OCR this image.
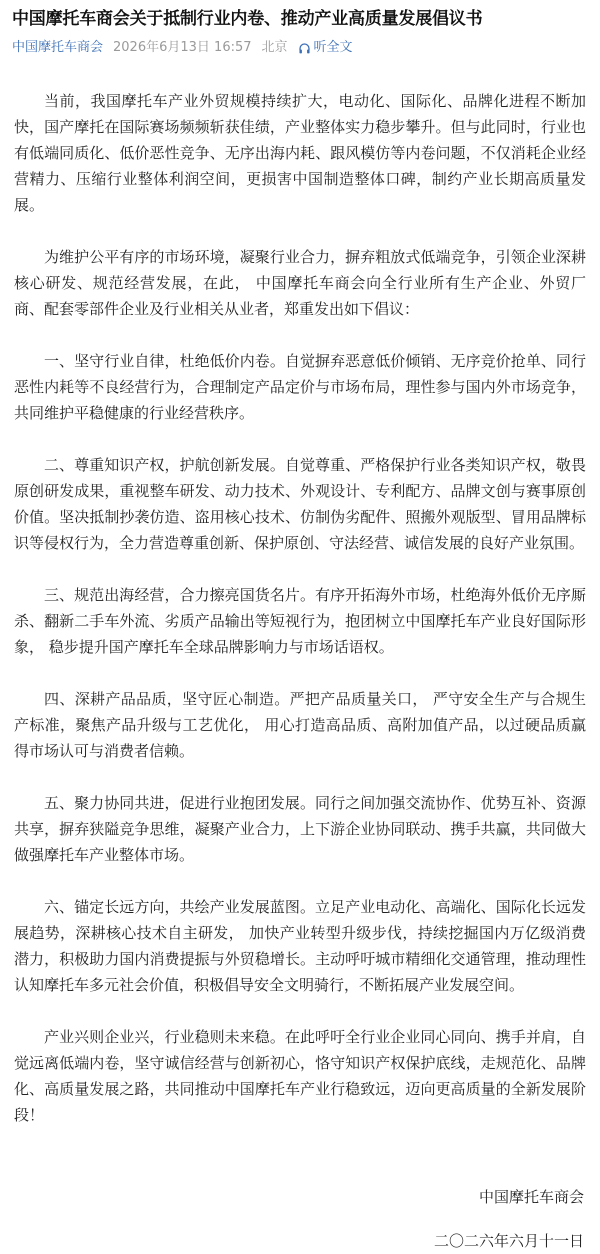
中国摩托车商会关于抵制行业内卷、推动产业高质量发展倡议书
中国摩托车商会 2026年6月13日 16:57 北京 听全文

当前，我国摩托车产业外贸规模持续扩大，电动化、国际化、品牌化进程不断加快，国产摩托在国际赛场频频斩获佳绩，产业整体实力稳步攀升。但与此同时，行业也有低端同质化、低价恶性竞争、无序出海内耗、跟风模仿等内卷问题，不仅消耗企业经营精力、压缩行业整体利润空间，更损害中国制造整体口碑，制约产业长期高质量发展。

为维护公平有序的市场环境，凝聚行业合力，摒弃粗放式低端竞争，引领企业深耕核心研发、规范经营发展，在此， 中国摩托车商会向全行业所有生产企业、外贸厂商、配套零部件企业及行业相关从业者，郑重发出如下倡议：

一、坚守行业自律，杜绝低价内卷。自觉摒弃恶意低价倾销、无序竞价抢单、同行恶性内耗等不良经营行为，合理制定产品定价与市场布局，理性参与国内外市场竞争，共同维护平稳健康的行业经营秩序。

二、尊重知识产权，护航创新发展。自觉尊重、严格保护行业各类知识产权，敬畏原创研发成果，重视整车研发、动力技术、外观设计、专利配方、品牌文创与赛事原创价值。坚决抵制抄袭仿造、盗用核心技术、仿制伪劣配件、照搬外观版型、冒用品牌标识等侵权行为，全力营造尊重创新、保护原创、守法经营、诚信发展的良好产业氛围。

三、规范出海经营，合力擦亮国货名片。有序开拓海外市场，杜绝海外低价无序厮杀、翻新二手车外流、劣质产品输出等短视行为，抱团树立中国摩托车产业良好国际形象， 稳步提升国产摩托车全球品牌影响力与市场话语权。

四、深耕产品品质，坚守匠心制造。严把产品质量关口， 严守安全生产与合规生产标准，聚焦产品升级与工艺优化， 用心打造高品质、高附加值产品，以过硬品质赢得市场认可与消费者信赖。

五、聚力协同共进，促进行业抱团发展。同行之间加强交流协作、优势互补、资源共享，摒弃狭隘竞争思维，凝聚产业合力，上下游企业协同联动、携手共赢，共同做大做强摩托车产业整体市场。

六、锚定长远方向，共绘产业发展蓝图。立足产业电动化、高端化、国际化长远发展趋势，深耕核心技术自主研发， 加快产业转型升级步伐，持续挖掘国内万亿级消费潜力，积极助力国内消费提振与外贸稳增长。主动呼吁城市精细化交通管理，推动理性认知摩托车多元社会价值，积极倡导安全文明骑行，不断拓展产业发展空间。

产业兴则企业兴，行业稳则未来稳。在此呼吁全行业企业同心同向、携手并肩，自觉远离低端内卷，坚守诚信经营与创新初心，恪守知识产权保护底线，走规范化、品牌化、高质量发展之路，共同推动中国摩托车产业行稳致远，迈向更高质量的全新发展阶段！

中国摩托车商会
二〇二六年六月十一日
